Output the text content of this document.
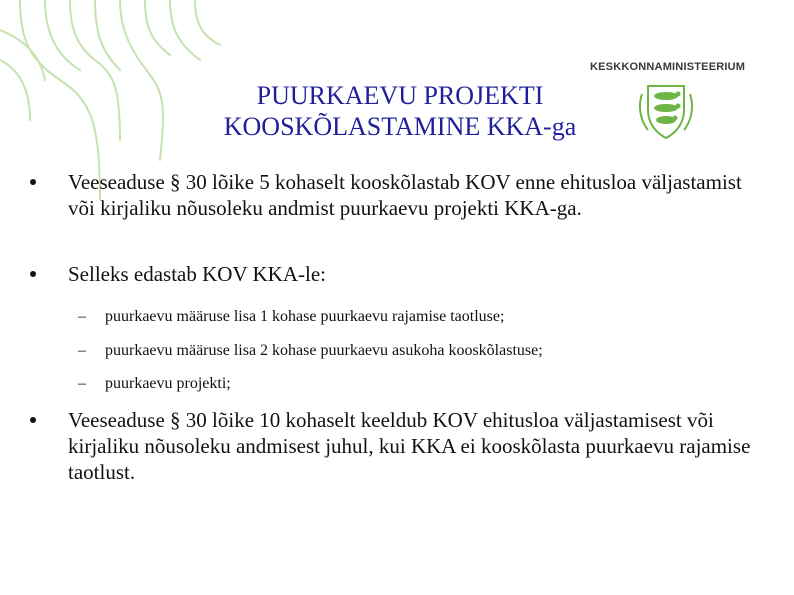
KESKKONNAMINISTEERIUM
PUURKAEVU PROJEKTI
KOOSKÕLASTAMINE KKA-ga
Veeseaduse § 30 lõike 5 kohaselt kooskõlastab KOV enne ehitusloa väljastamist või kirjaliku nõusoleku andmist puurkaevu projekti KKA-ga.
Selleks edastab KOV KKA-le:
– puurkaevu määruse lisa 1 kohase puurkaevu rajamise taotluse;
– puurkaevu määruse lisa 2 kohase puurkaevu asukoha kooskõlastuse;
– puurkaevu projekti;
Veeseaduse § 30 lõike 10 kohaselt keeldub KOV ehitusloa väljastamisest või kirjaliku nõusoleku andmisest juhul, kui KKA ei kooskõlasta puurkaevu rajamise taotlust.
